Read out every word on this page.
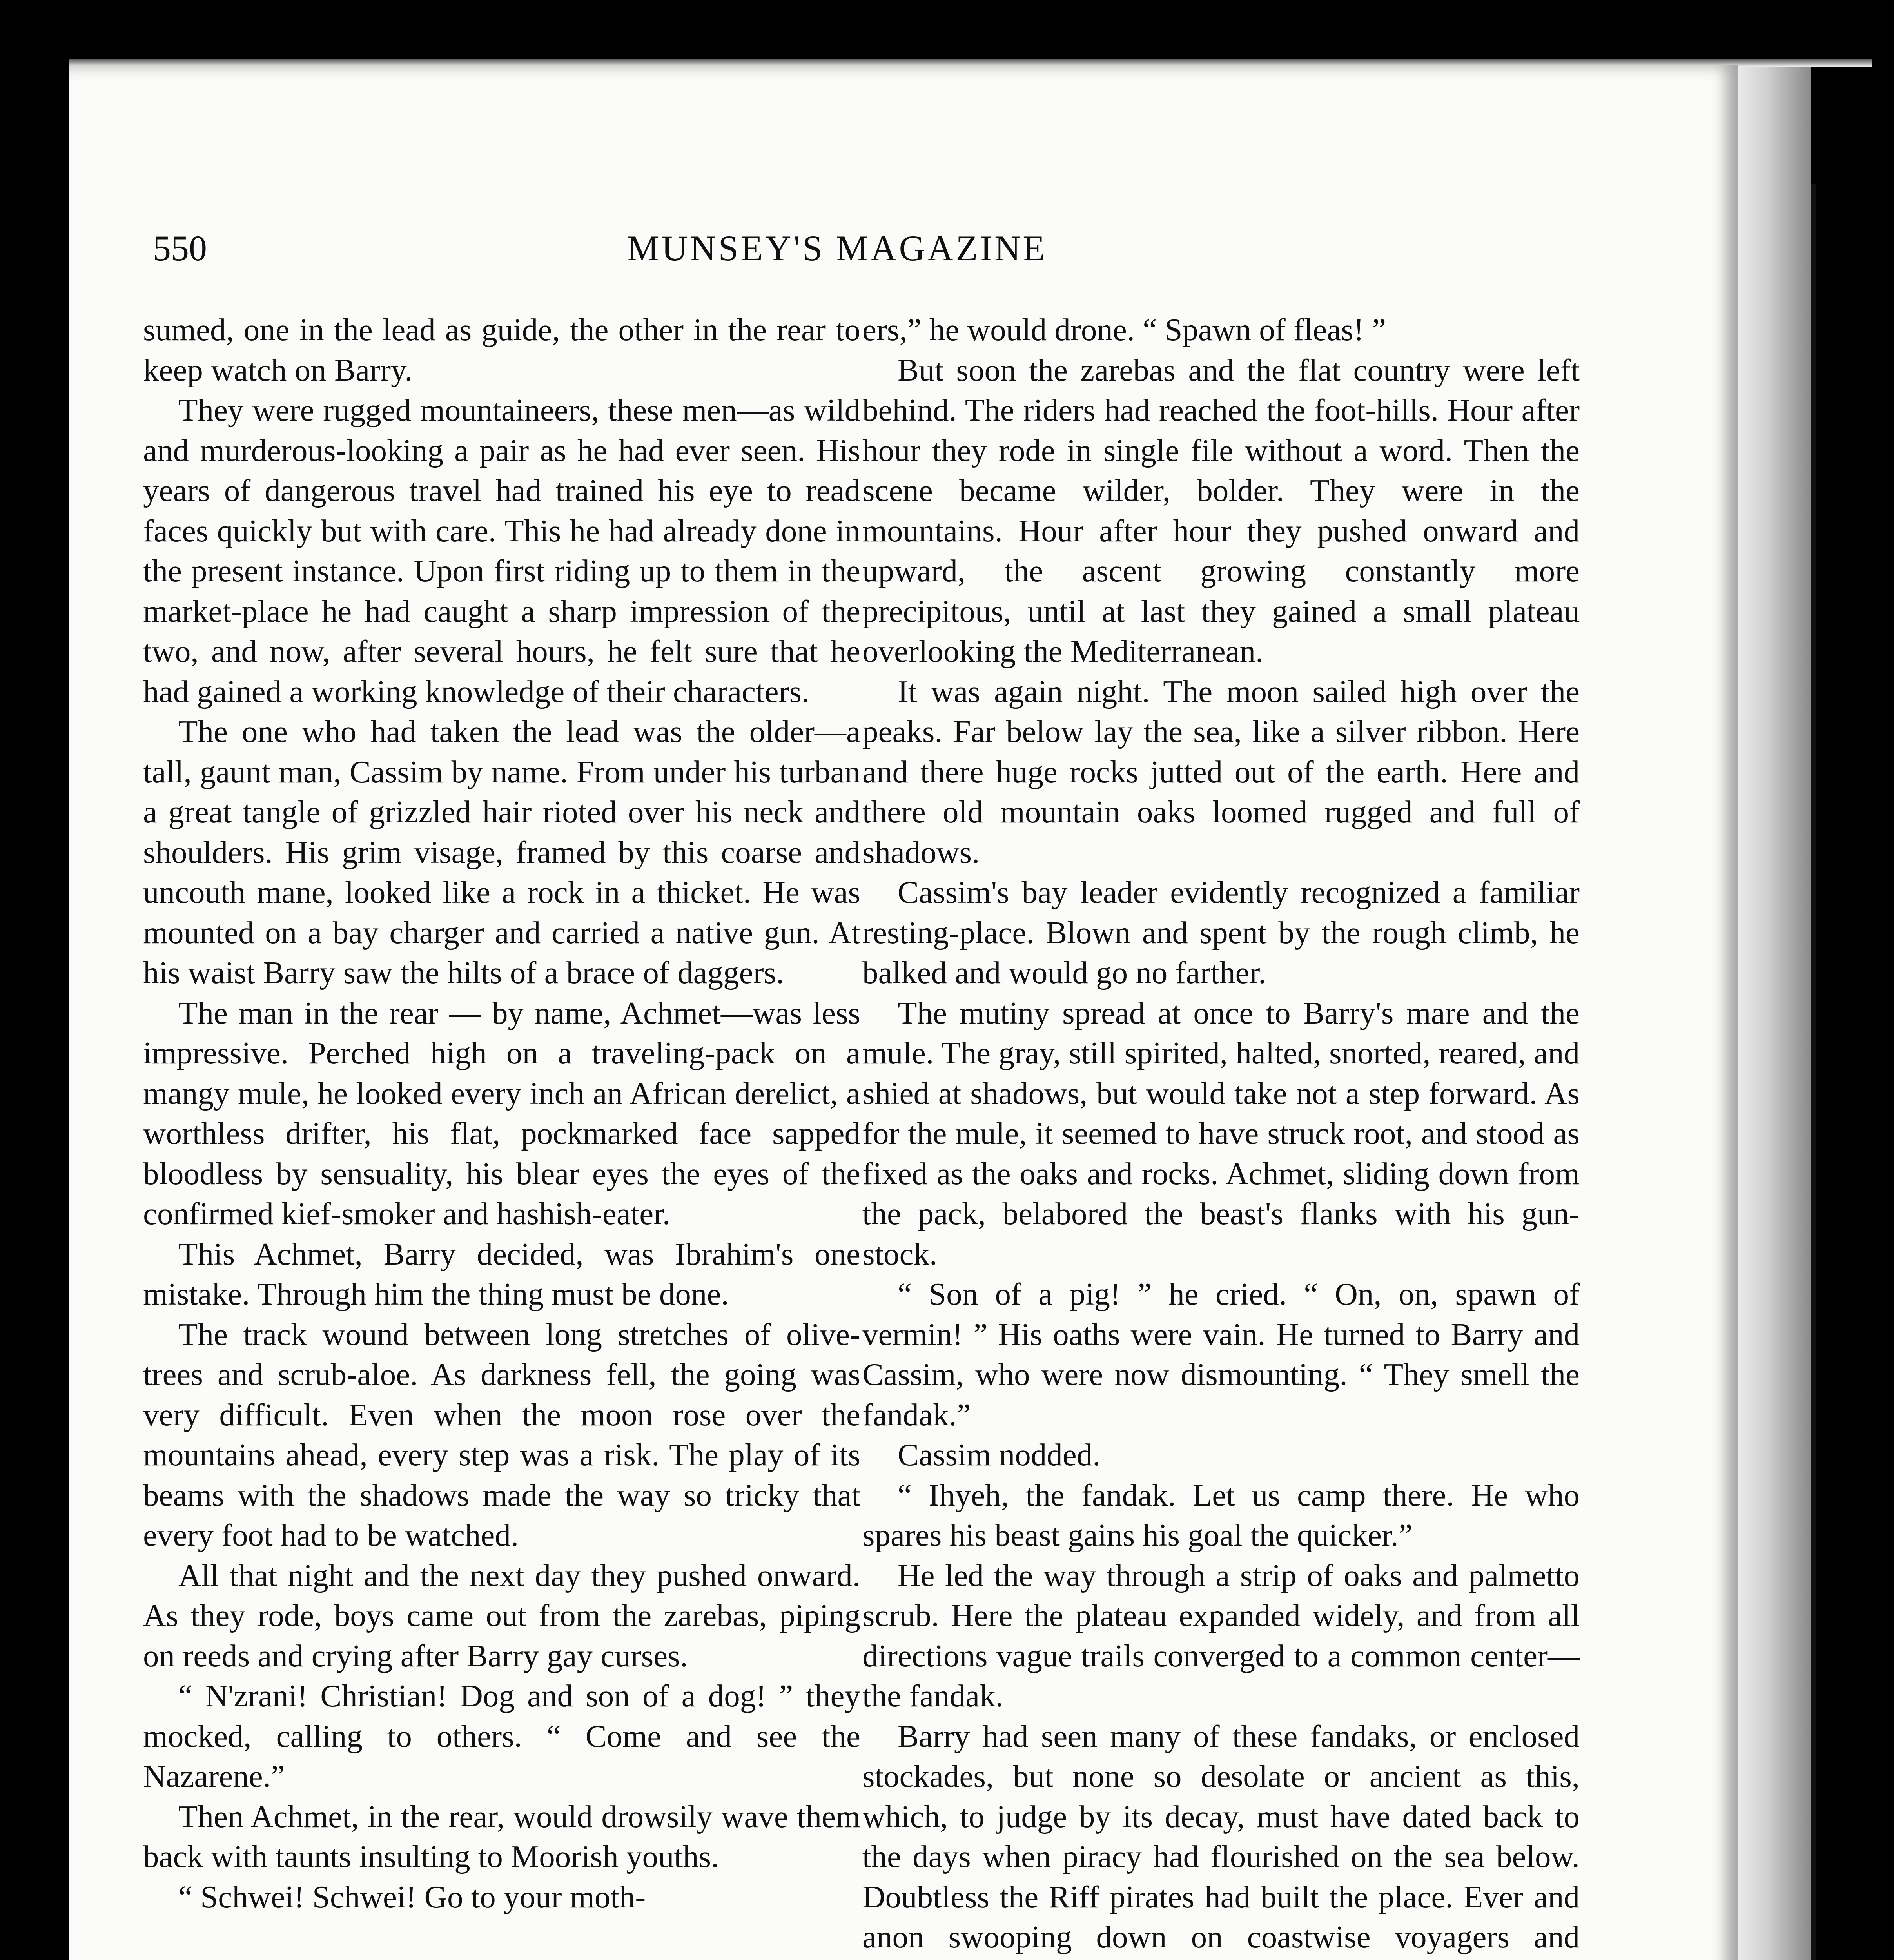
550	MUNSEY'S MAGAZINE

sumed, one in the lead as guide, the other in the rear to keep watch on Barry.

They were rugged mountaineers, these men—as wild and murderous-looking a pair as he had ever seen. His years of dangerous travel had trained his eye to read faces quickly but with care. This he had already done in the present instance. Upon first riding up to them in the market-place he had caught a sharp impression of the two, and now, after several hours, he felt sure that he had gained a working knowledge of their characters.

The one who had taken the lead was the older—a tall, gaunt man, Cassim by name. From under his turban a great tangle of grizzled hair rioted over his neck and shoulders. His grim visage, framed by this coarse and uncouth mane, looked like a rock in a thicket. He was mounted on a bay charger and carried a native gun. At his waist Barry saw the hilts of a brace of daggers.

The man in the rear — by name, Achmet—was less impressive. Perched high on a traveling-pack on a mangy mule, he looked every inch an African derelict, a worthless drifter, his flat, pockmarked face sapped bloodless by sensuality, his blear eyes the eyes of the confirmed kief-smoker and hashish-eater.

This Achmet, Barry decided, was Ibrahim's one mistake. Through him the thing must be done.

The track wound between long stretches of olive-trees and scrub-aloe. As darkness fell, the going was very difficult. Even when the moon rose over the mountains ahead, every step was a risk. The play of its beams with the shadows made the way so tricky that every foot had to be watched.

All that night and the next day they pushed onward. As they rode, boys came out from the zarebas, piping on reeds and crying after Barry gay curses.

“ N'zrani! Christian! Dog and son of a dog! ” they mocked, calling to others. “ Come and see the Nazarene.”

Then Achmet, in the rear, would drowsily wave them back with taunts insulting to Moorish youths.

“ Schwei! Schwei! Go to your moth-

ers,” he would drone. “ Spawn of fleas! ”

But soon the zarebas and the flat country were left behind. The riders had reached the foot-hills. Hour after hour they rode in single file without a word. Then the scene became wilder, bolder. They were in the mountains. Hour after hour they pushed onward and upward, the ascent growing constantly more precipitous, until at last they gained a small plateau overlooking the Mediterranean.

It was again night. The moon sailed high over the peaks. Far below lay the sea, like a silver ribbon. Here and there huge rocks jutted out of the earth. Here and there old mountain oaks loomed rugged and full of shadows.

Cassim's bay leader evidently recognized a familiar resting-place. Blown and spent by the rough climb, he balked and would go no farther.

The mutiny spread at once to Barry's mare and the mule. The gray, still spirited, halted, snorted, reared, and shied at shadows, but would take not a step forward. As for the mule, it seemed to have struck root, and stood as fixed as the oaks and rocks. Achmet, sliding down from the pack, belabored the beast's flanks with his gun-stock.

“ Son of a pig! ” he cried. “ On, on, spawn of vermin! ” His oaths were vain. He turned to Barry and Cassim, who were now dismounting. “ They smell the fandak.”

Cassim nodded.

“ Ihyeh, the fandak. Let us camp there. He who spares his beast gains his goal the quicker.”

He led the way through a strip of oaks and palmetto scrub. Here the plateau expanded widely, and from all directions vague trails converged to a common center—the fandak.

Barry had seen many of these fandaks, or enclosed stockades, but none so desolate or ancient as this, which, to judge by its decay, must have dated back to the days when piracy had flourished on the sea below. Doubtless the Riff pirates had built the place. Ever and anon swooping down on coastwise voyagers and
